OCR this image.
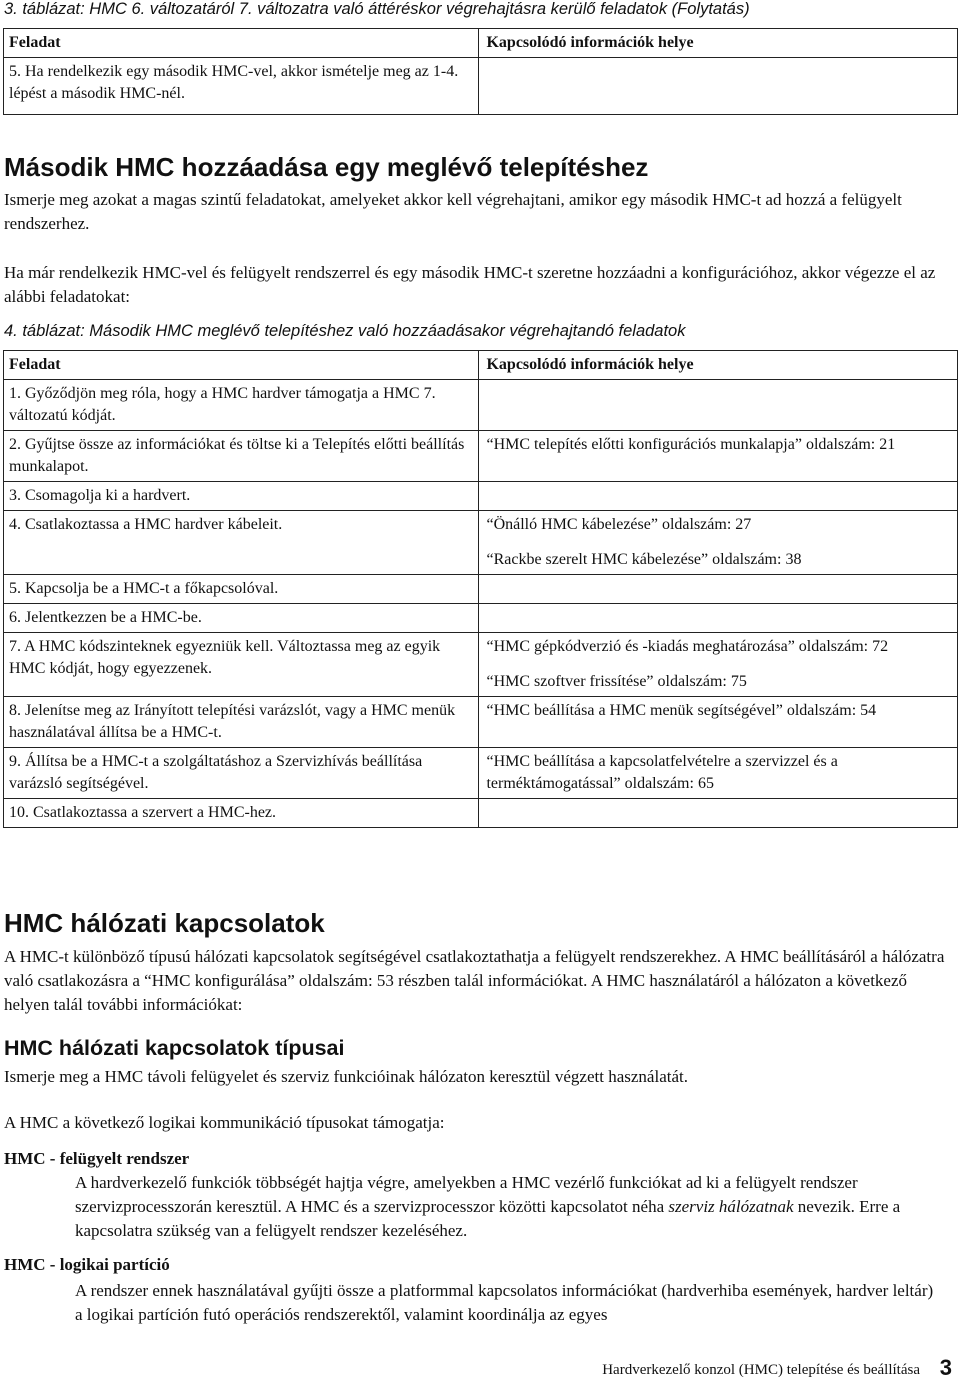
3. táblázat: HMC 6. változatáról 7. változatra való áttéréskor végrehajtásra kerülő feladatok (Folytatás)
Feladat	Kapcsolódó információk helye
5. Ha rendelkezik egy második HMC-vel, akkor ismételje meg az 1-4. lépést a második HMC-nél.	
Második HMC hozzáadása egy meglévő telepítéshez

Ismerje meg azokat a magas szintű feladatokat, amelyeket akkor kell végrehajtani, amikor egy második HMC-t ad hozzá a felügyelt rendszerhez.

Ha már rendelkezik HMC-vel és felügyelt rendszerrel és egy második HMC-t szeretne hozzáadni a konfigurációhoz, akkor végezze el az alábbi feladatokat:

4. táblázat: Második HMC meglévő telepítéshez való hozzáadásakor végrehajtandó feladatok
Feladat	Kapcsolódó információk helye
1. Győződjön meg róla, hogy a HMC hardver támogatja a HMC 7. változatú kódját.	
2. Gyűjtse össze az információkat és töltse ki a Telepítés előtti beállítás munkalapot.	“HMC telepítés előtti konfigurációs munkalapja” oldalszám: 21

3. Csomagolja ki a hardvert.	
4. Csatlakoztassa a HMC hardver kábeleit.	“Önálló HMC kábelezése” oldalszám: 27
“Rackbe szerelt HMC kábelezése” oldalszám: 38

5. Kapcsolja be a HMC-t a főkapcsolóval.	
6. Jelentkezzen be a HMC-be.	
7. A HMC kódszinteknek egyezniük kell. Változtassa meg az egyik HMC kódját, hogy egyezzenek.	“HMC gépkódverzió és -kiadás meghatározása” oldalszám: 72
“HMC szoftver frissítése” oldalszám: 75

8. Jelenítse meg az Irányított telepítési varázslót, vagy a HMC menük használatával állítsa be a HMC-t.	“HMC beállítása a HMC menük segítségével” oldalszám: 54

9. Állítsa be a HMC-t a szolgáltatáshoz a Szervizhívás beállítása varázsló segítségével.	“HMC beállítása a kapcsolatfelvételre a szervizzel és a terméktámogatással” oldalszám: 65

10. Csatlakoztassa a szervert a HMC-hez.	
HMC hálózati kapcsolatok

A HMC-t különböző típusú hálózati kapcsolatok segítségével csatlakoztathatja a felügyelt rendszerekhez. A HMC beállításáról a hálózatra való csatlakozásra a “HMC konfigurálása” oldalszám: 53 részben talál információkat. A HMC használatáról a hálózaton a következő helyen talál további információkat:

HMC hálózati kapcsolatok típusai

Ismerje meg a HMC távoli felügyelet és szerviz funkcióinak hálózaton keresztül végzett használatát.

A HMC a következő logikai kommunikáció típusokat támogatja:

HMC - felügyelt rendszer

A hardverkezelő funkciók többségét hajtja végre, amelyekben a HMC vezérlő funkciókat ad ki a felügyelt rendszer szervizprocesszorán keresztül. A HMC és a szervizprocesszor közötti kapcsolatot néha szerviz hálózatnak nevezik. Erre a kapcsolatra szükség van a felügyelt rendszer kezeléséhez.

HMC - logikai partíció

A rendszer ennek használatával gyűjti össze a platformmal kapcsolatos információkat (hardverhiba események, hardver leltár) a logikai partíción futó operációs rendszerektől, valamint koordinálja az egyes

Hardverkezelő konzol (HMC) telepítése és beállítása 3
